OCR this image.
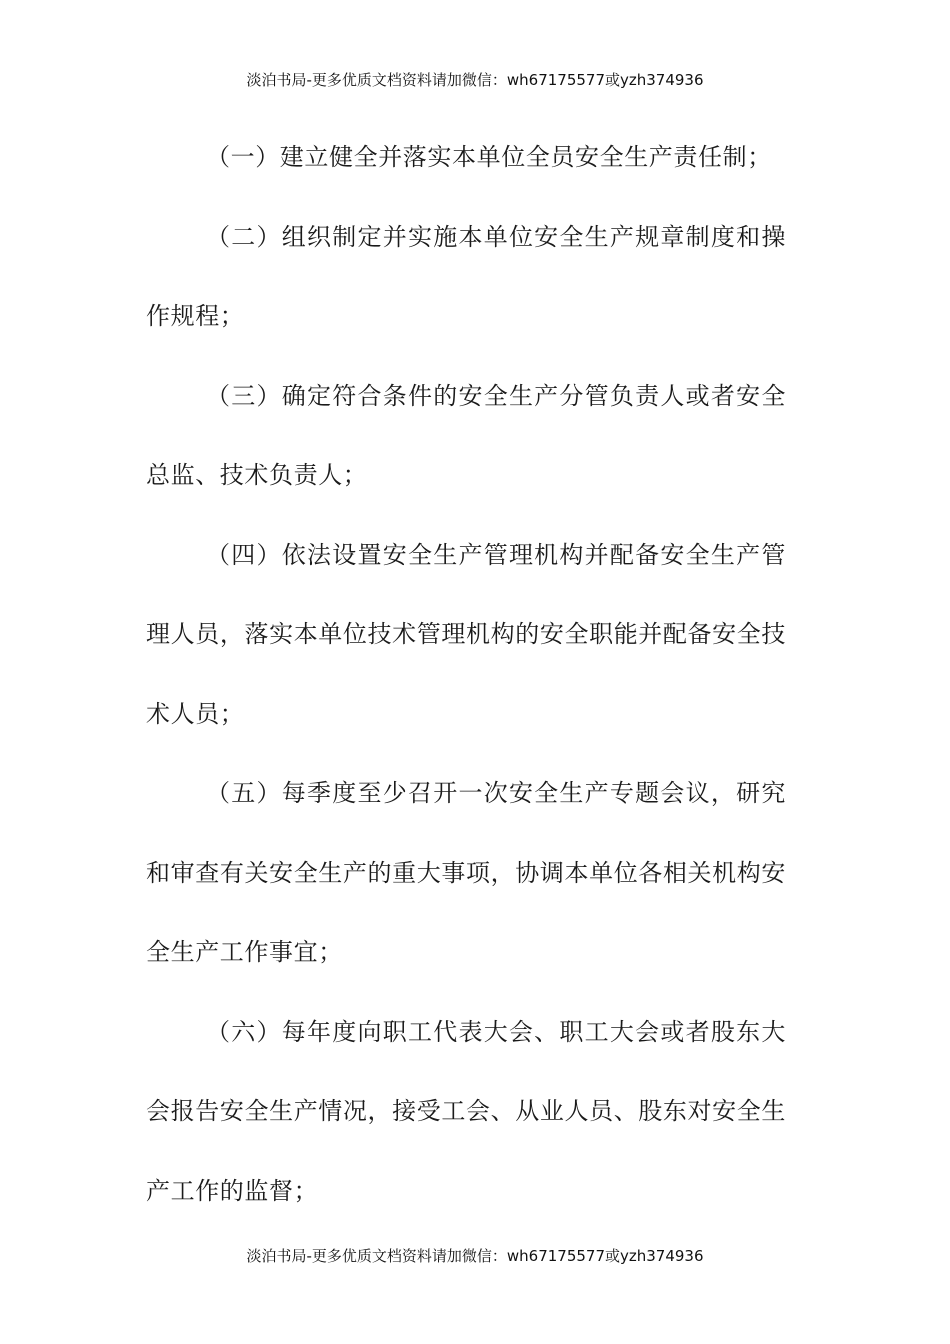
淡泊书局-更多优质文档资料请加微信：wh67175577或yzh374936

（一）建立健全并落实本单位全员安全生产责任制；

（二）组织制定并实施本单位安全生产规章制度和操作规程；

（三）确定符合条件的安全生产分管负责人或者安全总监、技术负责人；

（四）依法设置安全生产管理机构并配备安全生产管理人员，落实本单位技术管理机构的安全职能并配备安全技术人员；

（五）每季度至少召开一次安全生产专题会议，研究和审查有关安全生产的重大事项，协调本单位各相关机构安全生产工作事宜；

（六）每年度向职工代表大会、职工大会或者股东大会报告安全生产情况，接受工会、从业人员、股东对安全生产工作的监督；

淡泊书局-更多优质文档资料请加微信：wh67175577或yzh374936
